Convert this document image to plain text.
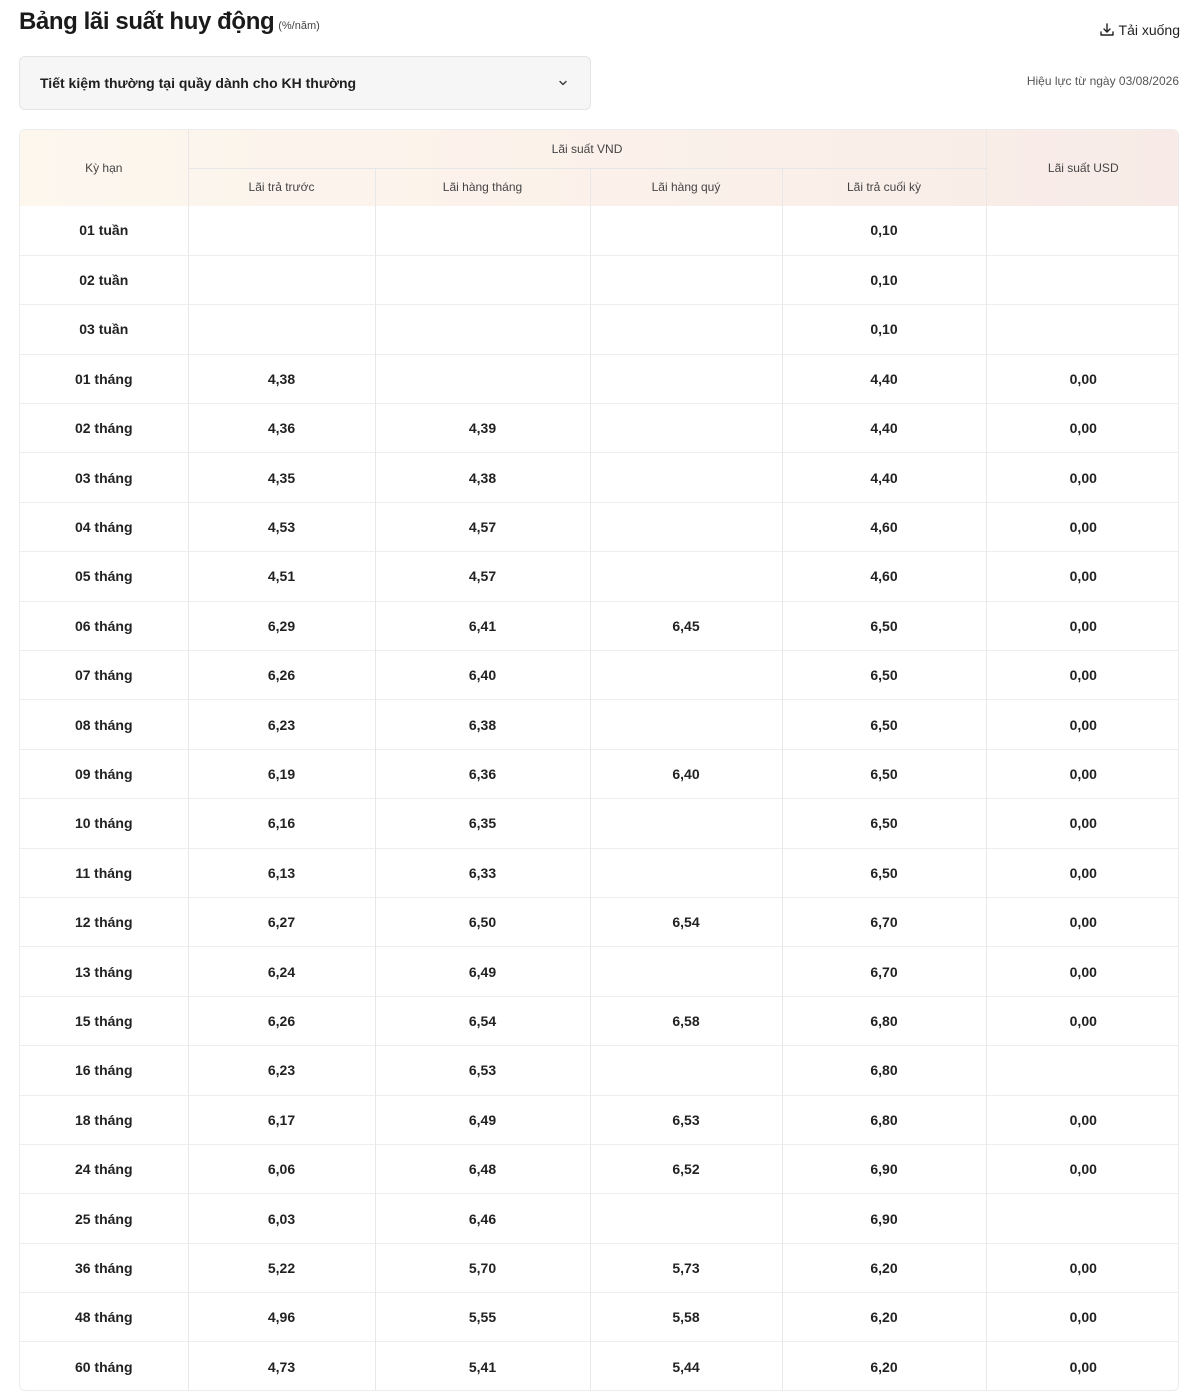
Bảng lãi suất huy động (%/năm)	Tải xuống
Tiết kiệm thường tại quầy dành cho KH thường	Hiệu lực từ ngày 03/08/2026
Kỳ hạn	Lãi suất VND				Lãi suất USD
	Lãi trả trước	Lãi hàng tháng	Lãi hàng quý	Lãi trả cuối kỳ	
01 tuần				0,10	
02 tuần				0,10	
03 tuần				0,10	
01 tháng	4,38			4,40	0,00
02 tháng	4,36	4,39		4,40	0,00
03 tháng	4,35	4,38		4,40	0,00
04 tháng	4,53	4,57		4,60	0,00
05 tháng	4,51	4,57		4,60	0,00
06 tháng	6,29	6,41	6,45	6,50	0,00
07 tháng	6,26	6,40		6,50	0,00
08 tháng	6,23	6,38		6,50	0,00
09 tháng	6,19	6,36	6,40	6,50	0,00
10 tháng	6,16	6,35		6,50	0,00
11 tháng	6,13	6,33		6,50	0,00
12 tháng	6,27	6,50	6,54	6,70	0,00
13 tháng	6,24	6,49		6,70	0,00
15 tháng	6,26	6,54	6,58	6,80	0,00
16 tháng	6,23	6,53		6,80	
18 tháng	6,17	6,49	6,53	6,80	0,00
24 tháng	6,06	6,48	6,52	6,90	0,00
25 tháng	6,03	6,46		6,90	
36 tháng	5,22	5,70	5,73	6,20	0,00
48 tháng	4,96	5,55	5,58	6,20	0,00
60 tháng	4,73	5,41	5,44	6,20	0,00
